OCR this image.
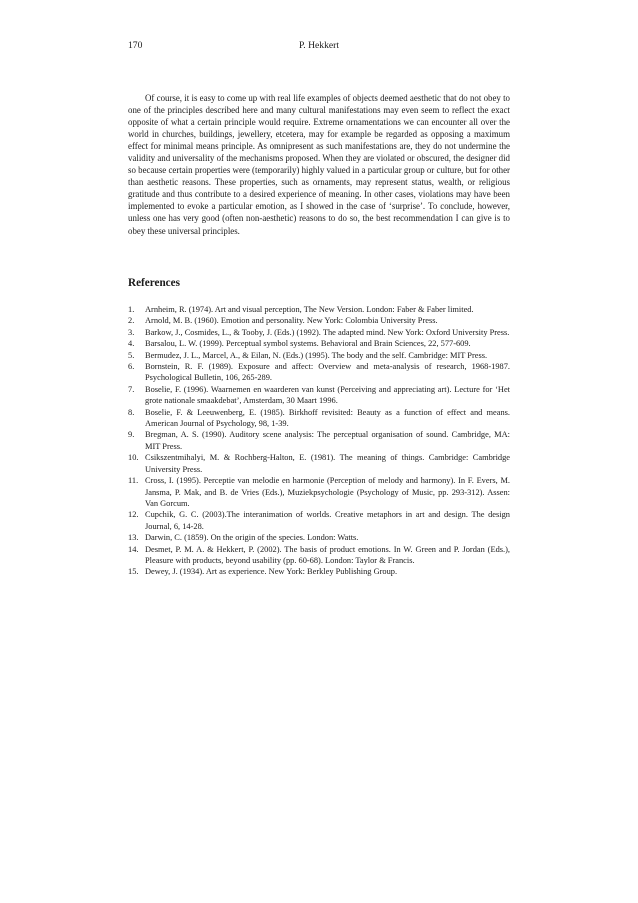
170	P. Hekkert

Of course, it is easy to come up with real life examples of objects deemed aesthetic that do not obey to one of the principles described here and many cultural manifestations may even seem to reflect the exact opposite of what a certain principle would require. Extreme ornamentations we can encounter all over the world in churches, buildings, jewellery, etcetera, may for example be regarded as opposing a maximum effect for minimal means principle. As omnipresent as such manifestations are, they do not undermine the validity and universality of the mechanisms proposed. When they are violated or obscured, the designer did so because certain properties were (temporarily) highly valued in a particular group or culture, but for other than aesthetic reasons. These properties, such as ornaments, may represent status, wealth, or religious gratitude and thus contribute to a desired experience of meaning. In other cases, violations may have been implemented to evoke a particular emotion, as I showed in the case of ‘surprise’. To conclude, however, unless one has very good (often non-aesthetic) reasons to do so, the best recommendation I can give is to obey these universal principles.

References
1. Arnheim, R. (1974). Art and visual perception, The New Version. London: Faber & Faber limited.
2. Arnold, M. B. (1960). Emotion and personality. New York: Colombia University Press.
3. Barkow, J., Cosmides, L., & Tooby, J. (Eds.) (1992). The adapted mind. New York: Oxford University Press.
4. Barsalou, L. W. (1999). Perceptual symbol systems. Behavioral and Brain Sciences, 22, 577-609.
5. Bermudez, J. L., Marcel, A., & Eilan, N. (Eds.) (1995). The body and the self. Cambridge: MIT Press.
6. Bornstein, R. F. (1989). Exposure and affect: Overview and meta-analysis of research, 1968-1987. Psychological Bulletin, 106, 265-289.
7. Boselie, F. (1996). Waarnemen en waarderen van kunst (Perceiving and appreciating art). Lecture for ‘Het grote nationale smaakdebat’, Amsterdam, 30 Maart 1996.
8. Boselie, F. & Leeuwenberg, E. (1985). Birkhoff revisited: Beauty as a function of effect and means. American Journal of Psychology, 98, 1-39.
9. Bregman, A. S. (1990). Auditory scene analysis: The perceptual organisation of sound. Cambridge, MA: MIT Press.
10. Csikszentmihalyi, M. & Rochberg-Halton, E. (1981). The meaning of things. Cambridge: Cambridge University Press.
11. Cross, I. (1995). Perceptie van melodie en harmonie (Perception of melody and harmony). In F. Evers, M. Jansma, P. Mak, and B. de Vries (Eds.), Muziekpsychologie (Psychology of Music, pp. 293-312). Assen: Van Gorcum.
12. Cupchik, G. C. (2003).The interanimation of worlds. Creative metaphors in art and design. The design Journal, 6, 14-28.
13. Darwin, C. (1859). On the origin of the species. London: Watts.
14. Desmet, P. M. A. & Hekkert, P. (2002). The basis of product emotions. In W. Green and P. Jordan (Eds.), Pleasure with products, beyond usability (pp. 60-68). London: Taylor & Francis.
15. Dewey, J. (1934). Art as experience. New York: Berkley Publishing Group.
